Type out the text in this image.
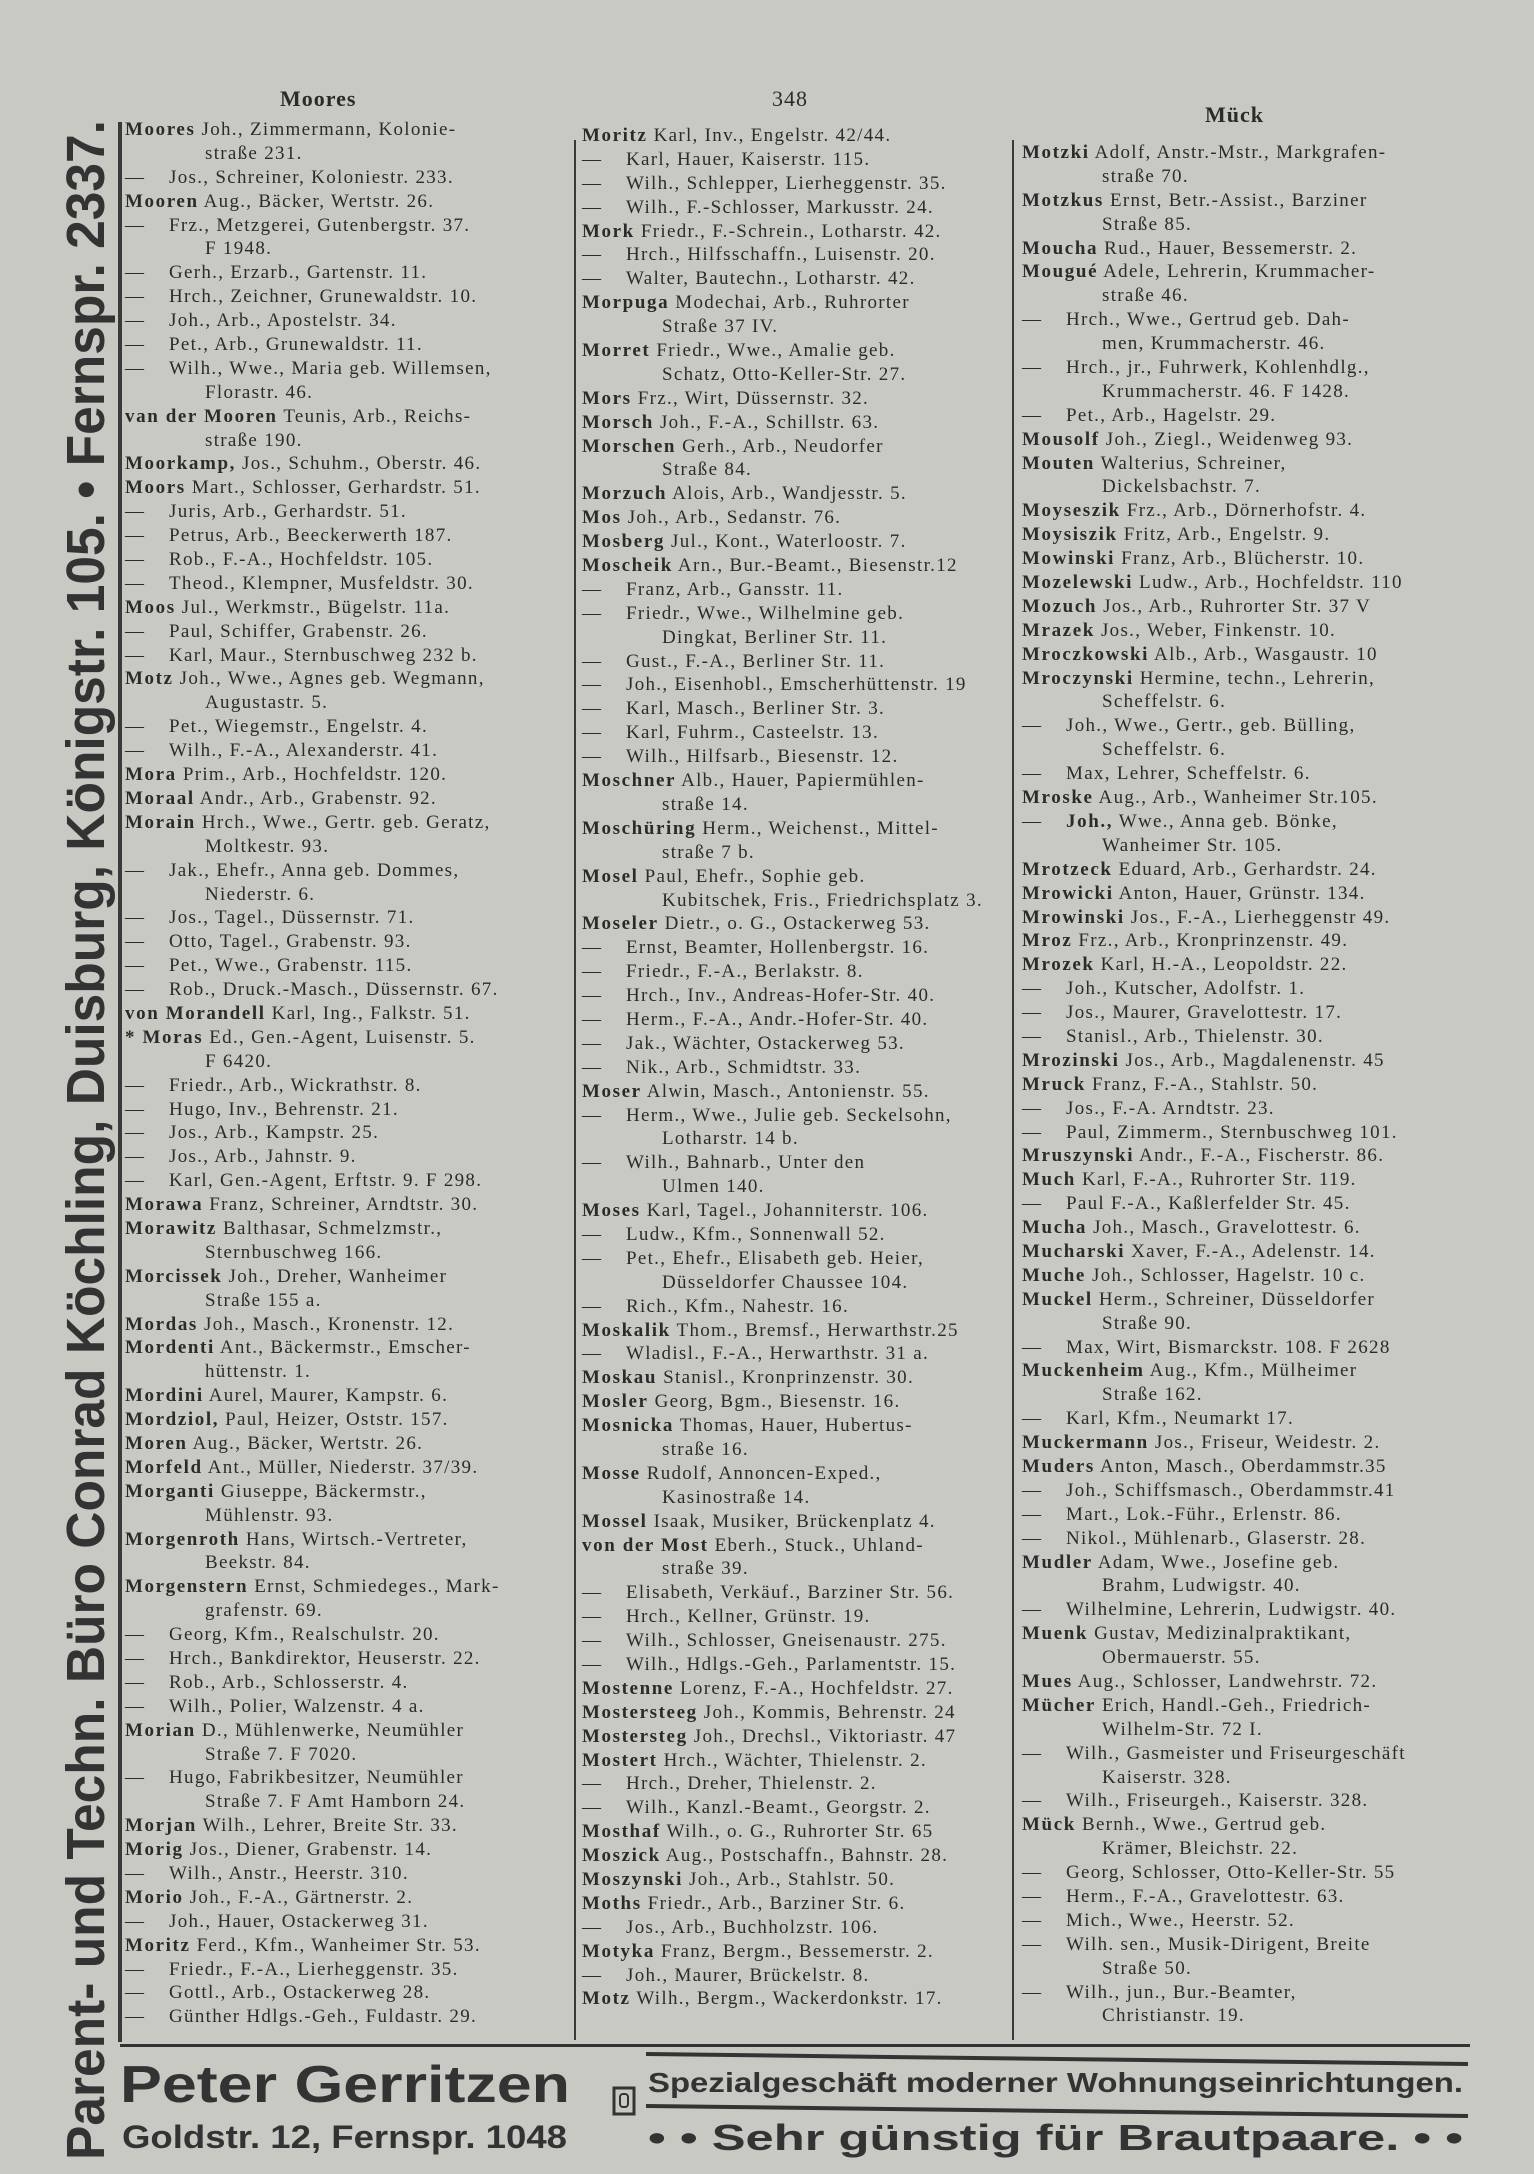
Parent- und Techn. Büro Conrad Köchling, Duisburg, Königstr. 105. • Fernspr. 2337.	Moores	348
Mück
Moores Joh., Zimmermann, Kolonie-
straße 231.
— Jos., Schreiner, Koloniestr. 233.
Mooren Aug., Bäcker, Wertstr. 26.
— Frz., Metzgerei, Gutenbergstr. 37.
F 1948.
— Gerh., Erzarb., Gartenstr. 11.
— Hrch., Zeichner, Grunewaldstr. 10.
— Joh., Arb., Apostelstr. 34.
— Pet., Arb., Grunewaldstr. 11.
— Wilh., Wwe., Maria geb. Willemsen,
Florastr. 46.
van der Mooren Teunis, Arb., Reichs-
straße 190.
Moorkamp, Jos., Schuhm., Oberstr. 46.
Moors Mart., Schlosser, Gerhardstr. 51.
— Juris, Arb., Gerhardstr. 51.
— Petrus, Arb., Beeckerwerth 187.
— Rob., F.-A., Hochfeldstr. 105.
— Theod., Klempner, Musfeldstr. 30.
Moos Jul., Werkmstr., Bügelstr. 11a.
— Paul, Schiffer, Grabenstr. 26.
— Karl, Maur., Sternbuschweg 232 b.
Motz Joh., Wwe., Agnes geb. Wegmann,
Augustastr. 5.
— Pet., Wiegemstr., Engelstr. 4.
— Wilh., F.-A., Alexanderstr. 41.
Mora Prim., Arb., Hochfeldstr. 120.
Moraal Andr., Arb., Grabenstr. 92.
Morain Hrch., Wwe., Gertr. geb. Geratz,
Moltkestr. 93.
— Jak., Ehefr., Anna geb. Dommes,
Niederstr. 6.
— Jos., Tagel., Düssernstr. 71.
— Otto, Tagel., Grabenstr. 93.
— Pet., Wwe., Grabenstr. 115.
— Rob., Druck.-Masch., Düssernstr. 67.
von Morandell Karl, Ing., Falkstr. 51.
* Moras Ed., Gen.-Agent, Luisenstr. 5.
F 6420.
— Friedr., Arb., Wickrathstr. 8.
— Hugo, Inv., Behrenstr. 21.
— Jos., Arb., Kampstr. 25.
— Jos., Arb., Jahnstr. 9.
— Karl, Gen.-Agent, Erftstr. 9. F 298.
Morawa Franz, Schreiner, Arndtstr. 30.
Morawitz Balthasar, Schmelzmstr.,
Sternbuschweg 166.
Morcissek Joh., Dreher, Wanheimer
Straße 155 a.
Mordas Joh., Masch., Kronenstr. 12.
Mordenti Ant., Bäckermstr., Emscher-
hüttenstr. 1.
Mordini Aurel, Maurer, Kampstr. 6.
Mordziol, Paul, Heizer, Oststr. 157.
Moren Aug., Bäcker, Wertstr. 26.
Morfeld Ant., Müller, Niederstr. 37/39.
Morganti Giuseppe, Bäckermstr.,
Mühlenstr. 93.
Morgenroth Hans, Wirtsch.-Vertreter,
Beekstr. 84.
Morgenstern Ernst, Schmiedeges., Mark-
grafenstr. 69.
— Georg, Kfm., Realschulstr. 20.
— Hrch., Bankdirektor, Heuserstr. 22.
— Rob., Arb., Schlosserstr. 4.
— Wilh., Polier, Walzenstr. 4 a.
Morian D., Mühlenwerke, Neumühler
Straße 7. F 7020.
— Hugo, Fabrikbesitzer, Neumühler
Straße 7. F Amt Hamborn 24.
Morjan Wilh., Lehrer, Breite Str. 33.
Morig Jos., Diener, Grabenstr. 14.
— Wilh., Anstr., Heerstr. 310.
Morio Joh., F.-A., Gärtnerstr. 2.
— Joh., Hauer, Ostackerweg 31.
Moritz Ferd., Kfm., Wanheimer Str. 53.
— Friedr., F.-A., Lierheggenstr. 35.
— Gottl., Arb., Ostackerweg 28.
— Günther Hdlgs.-Geh., Fuldastr. 29.
Moritz Karl, Inv., Engelstr. 42/44.
— Karl, Hauer, Kaiserstr. 115.
— Wilh., Schlepper, Lierheggenstr. 35.
— Wilh., F.-Schlosser, Markusstr. 24.
Mork Friedr., F.-Schrein., Lotharstr. 42.
— Hrch., Hilfsschaffn., Luisenstr. 20.
— Walter, Bautechn., Lotharstr. 42.
Morpuga Modechai, Arb., Ruhrorter
Straße 37 IV.
Morret Friedr., Wwe., Amalie geb.
Schatz, Otto-Keller-Str. 27.
Mors Frz., Wirt, Düssernstr. 32.
Morsch Joh., F.-A., Schillstr. 63.
Morschen Gerh., Arb., Neudorfer
Straße 84.
Morzuch Alois, Arb., Wandjesstr. 5.
Mos Joh., Arb., Sedanstr. 76.
Mosberg Jul., Kont., Waterloostr. 7.
Moscheik Arn., Bur.-Beamt., Biesenstr.12
— Franz, Arb., Gansstr. 11.
— Friedr., Wwe., Wilhelmine geb.
Dingkat, Berliner Str. 11.
— Gust., F.-A., Berliner Str. 11.
— Joh., Eisenhobl., Emscherhüttenstr. 19
— Karl, Masch., Berliner Str. 3.
— Karl, Fuhrm., Casteelstr. 13.
— Wilh., Hilfsarb., Biesenstr. 12.
Moschner Alb., Hauer, Papiermühlen-
straße 14.
Moschüring Herm., Weichenst., Mittel-
straße 7 b.
Mosel Paul, Ehefr., Sophie geb.
Kubitschek, Fris., Friedrichsplatz 3.
Moseler Dietr., o. G., Ostackerweg 53.
— Ernst, Beamter, Hollenbergstr. 16.
— Friedr., F.-A., Berlakstr. 8.
— Hrch., Inv., Andreas-Hofer-Str. 40.
— Herm., F.-A., Andr.-Hofer-Str. 40.
— Jak., Wächter, Ostackerweg 53.
— Nik., Arb., Schmidtstr. 33.
Moser Alwin, Masch., Antonienstr. 55.
— Herm., Wwe., Julie geb. Seckelsohn,
Lotharstr. 14 b.
— Wilh., Bahnarb., Unter den
Ulmen 140.
Moses Karl, Tagel., Johanniterstr. 106.
— Ludw., Kfm., Sonnenwall 52.
— Pet., Ehefr., Elisabeth geb. Heier,
Düsseldorfer Chaussee 104.
— Rich., Kfm., Nahestr. 16.
Moskalik Thom., Bremsf., Herwarthstr.25
— Wladisl., F.-A., Herwarthstr. 31 a.
Moskau Stanisl., Kronprinzenstr. 30.
Mosler Georg, Bgm., Biesenstr. 16.
Mosnicka Thomas, Hauer, Hubertus-
straße 16.
Mosse Rudolf, Annoncen-Exped.,
Kasinostraße 14.
Mossel Isaak, Musiker, Brückenplatz 4.
von der Most Eberh., Stuck., Uhland-
straße 39.
— Elisabeth, Verkäuf., Barziner Str. 56.
— Hrch., Kellner, Grünstr. 19.
— Wilh., Schlosser, Gneisenaustr. 275.
— Wilh., Hdlgs.-Geh., Parlamentstr. 15.
Mostenne Lorenz, F.-A., Hochfeldstr. 27.
Mostersteeg Joh., Kommis, Behrenstr. 24
Mostersteg Joh., Drechsl., Viktoriastr. 47
Mostert Hrch., Wächter, Thielenstr. 2.
— Hrch., Dreher, Thielenstr. 2.
— Wilh., Kanzl.-Beamt., Georgstr. 2.
Mosthaf Wilh., o. G., Ruhrorter Str. 65
Moszick Aug., Postschaffn., Bahnstr. 28.
Moszynski Joh., Arb., Stahlstr. 50.
Moths Friedr., Arb., Barziner Str. 6.
— Jos., Arb., Buchholzstr. 106.
Motyka Franz, Bergm., Bessemerstr. 2.
— Joh., Maurer, Brückelstr. 8.
Motz Wilh., Bergm., Wackerdonkstr. 17.
Motzki Adolf, Anstr.-Mstr., Markgrafen-
straße 70.
Motzkus Ernst, Betr.-Assist., Barziner
Straße 85.
Moucha Rud., Hauer, Bessemerstr. 2.
Mougué Adele, Lehrerin, Krummacher-
straße 46.
— Hrch., Wwe., Gertrud geb. Dah-
men, Krummacherstr. 46.
— Hrch., jr., Fuhrwerk, Kohlenhdlg.,
Krummacherstr. 46. F 1428.
— Pet., Arb., Hagelstr. 29.
Mousolf Joh., Ziegl., Weidenweg 93.
Mouten Walterius, Schreiner,
Dickelsbachstr. 7.
Moyseszik Frz., Arb., Dörnerhofstr. 4.
Moysiszik Fritz, Arb., Engelstr. 9.
Mowinski Franz, Arb., Blücherstr. 10.
Mozelewski Ludw., Arb., Hochfeldstr. 110
Mozuch Jos., Arb., Ruhrorter Str. 37 V
Mrazek Jos., Weber, Finkenstr. 10.
Mroczkowski Alb., Arb., Wasgaustr. 10
Mroczynski Hermine, techn., Lehrerin,
Scheffelstr. 6.
— Joh., Wwe., Gertr., geb. Bülling,
Scheffelstr. 6.
— Max, Lehrer, Scheffelstr. 6.
Mroske Aug., Arb., Wanheimer Str.105.
— Joh., Wwe., Anna geb. Bönke,
Wanheimer Str. 105.
Mrotzeck Eduard, Arb., Gerhardstr. 24.
Mrowicki Anton, Hauer, Grünstr. 134.
Mrowinski Jos., F.-A., Lierheggenstr 49.
Mroz Frz., Arb., Kronprinzenstr. 49.
Mrozek Karl, H.-A., Leopoldstr. 22.
— Joh., Kutscher, Adolfstr. 1.
— Jos., Maurer, Gravelottestr. 17.
— Stanisl., Arb., Thielenstr. 30.
Mrozinski Jos., Arb., Magdalenenstr. 45
Mruck Franz, F.-A., Stahlstr. 50.
— Jos., F.-A. Arndtstr. 23.
— Paul, Zimmerm., Sternbuschweg 101.
Mruszynski Andr., F.-A., Fischerstr. 86.
Much Karl, F.-A., Ruhrorter Str. 119.
— Paul F.-A., Kaßlerfelder Str. 45.
Mucha Joh., Masch., Gravelottestr. 6.
Mucharski Xaver, F.-A., Adelenstr. 14.
Muche Joh., Schlosser, Hagelstr. 10 c.
Muckel Herm., Schreiner, Düsseldorfer
Straße 90.
— Max, Wirt, Bismarckstr. 108. F 2628
Muckenheim Aug., Kfm., Mülheimer
Straße 162.
— Karl, Kfm., Neumarkt 17.
Muckermann Jos., Friseur, Weidestr. 2.
Muders Anton, Masch., Oberdammstr.35
— Joh., Schiffsmasch., Oberdammstr.41
— Mart., Lok.-Führ., Erlenstr. 86.
— Nikol., Mühlenarb., Glaserstr. 28.
Mudler Adam, Wwe., Josefine geb.
Brahm, Ludwigstr. 40.
— Wilhelmine, Lehrerin, Ludwigstr. 40.
Muenk Gustav, Medizinalpraktikant,
Obermauerstr. 55.
Mues Aug., Schlosser, Landwehrstr. 72.
Mücher Erich, Handl.-Geh., Friedrich-
Wilhelm-Str. 72 I.
— Wilh., Gasmeister und Friseurgeschäft
Kaiserstr. 328.
— Wilh., Friseurgeh., Kaiserstr. 328.
Mück Bernh., Wwe., Gertrud geb.
Krämer, Bleichstr. 22.
— Georg, Schlosser, Otto-Keller-Str. 55
— Herm., F.-A., Gravelottestr. 63.
— Mich., Wwe., Heerstr. 52.
— Wilh. sen., Musik-Dirigent, Breite
Straße 50.
— Wilh., jun., Bur.-Beamter,
Christianstr. 19.
Peter Gerritzen
Goldstr. 12, Fernspr. 1048
Spezialgeschäft moderner Wohnungseinrichtungen.
• • Sehr günstig für Brautpaare. • •
